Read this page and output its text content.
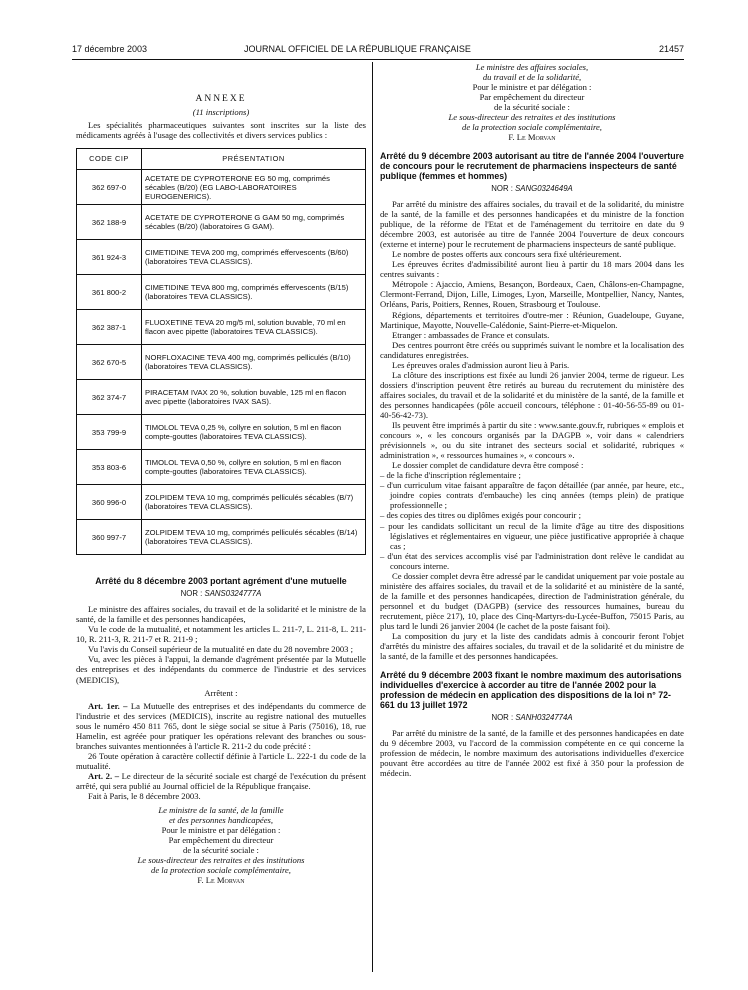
17 décembre 2003	JOURNAL OFFICIEL DE LA RÉPUBLIQUE FRANÇAISE	21457
ANNEXE
(11 inscriptions)

Les spécialités pharmaceutiques suivantes sont inscrites sur la liste des médicaments agréés à l'usage des collectivités et divers services publics :

CODE CIP	PRÉSENTATION
362 697-0	ACETATE DE CYPROTERONE EG 50 mg, comprimés sécables (B/20) (EG LABO-LABORATOIRES EUROGENERICS).
362 188-9	ACETATE DE CYPROTERONE G GAM 50 mg, comprimés sécables (B/20) (laboratoires G GAM).
361 924-3	CIMETIDINE TEVA 200 mg, comprimés effervescents (B/60) (laboratoires TEVA CLASSICS).
361 800-2	CIMETIDINE TEVA 800 mg, comprimés effervescents (B/15) (laboratoires TEVA CLASSICS).
362 387-1	FLUOXETINE TEVA 20 mg/5 ml, solution buvable, 70 ml en flacon avec pipette (laboratoires TEVA CLASSICS).
362 670-5	NORFLOXACINE TEVA 400 mg, comprimés pelliculés (B/10) (laboratoires TEVA CLASSICS).
362 374-7	PIRACETAM IVAX 20 %, solution buvable, 125 ml en flacon avec pipette (laboratoires IVAX SAS).
353 799-9	TIMOLOL TEVA 0,25 %, collyre en solution, 5 ml en flacon compte-gouttes (laboratoires TEVA CLASSICS).
353 803-6	TIMOLOL TEVA 0,50 %, collyre en solution, 5 ml en flacon compte-gouttes (laboratoires TEVA CLASSICS).
360 996-0	ZOLPIDEM TEVA 10 mg, comprimés pelliculés sécables (B/7) (laboratoires TEVA CLASSICS).
360 997-7	ZOLPIDEM TEVA 10 mg, comprimés pelliculés sécables (B/14) (laboratoires TEVA CLASSICS).
Arrêté du 8 décembre 2003 portant agrément d'une mutuelle
NOR : SANS0324777A

Le ministre des affaires sociales, du travail et de la solidarité et le ministre de la santé, de la famille et des personnes handicapées,

Vu le code de la mutualité, et notamment les articles L. 211-7, L. 211-8, L. 211-10, R. 211-3, R. 211-7 et R. 211-9 ;

Vu l'avis du Conseil supérieur de la mutualité en date du 28 novembre 2003 ;

Vu, avec les pièces à l'appui, la demande d'agrément présentée par la Mutuelle des entreprises et des indépendants du commerce de l'industrie et des services (MEDICIS),

Arrêtent :

Art. 1er. – La Mutuelle des entreprises et des indépendants du commerce de l'industrie et des services (MEDICIS), inscrite au registre national des mutuelles sous le numéro 450 811 765, dont le siège social se situe à Paris (75016), 18, rue Hamelin, est agréée pour pratiquer les opérations relevant des branches ou sous-branches suivantes mentionnées à l'article R. 211-2 du code précité :

26 Toute opération à caractère collectif définie à l'article L. 222-1 du code de la mutualité.

Art. 2. – Le directeur de la sécurité sociale est chargé de l'exécution du présent arrêté, qui sera publié au Journal officiel de la République française.

Fait à Paris, le 8 décembre 2003.

Le ministre de la santé, de la famille
et des personnes handicapées,
Pour le ministre et par délégation :
Par empêchement du directeur
de la sécurité sociale :
Le sous-directeur des retraites et des institutions
de la protection sociale complémentaire,
F. Le Morvan
Le ministre des affaires sociales,
du travail et de la solidarité,
Pour le ministre et par délégation :
Par empêchement du directeur
de la sécurité sociale :
Le sous-directeur des retraites et des institutions
de la protection sociale complémentaire,
F. Le Morvan
Arrêté du 9 décembre 2003 autorisant au titre de l'année 2004 l'ouverture de concours pour le recrutement de pharmaciens inspecteurs de santé publique (femmes et hommes)
NOR : SANG0324649A

Par arrêté du ministre des affaires sociales, du travail et de la solidarité, du ministre de la santé, de la famille et des personnes handicapées et du ministre de la fonction publique, de la réforme de l'Etat et de l'aménagement du territoire en date du 9 décembre 2003, est autorisée au titre de l'année 2004 l'ouverture de deux concours (externe et interne) pour le recrutement de pharmaciens inspecteurs de santé publique.

Le nombre de postes offerts aux concours sera fixé ultérieurement.

Les épreuves écrites d'admissibilité auront lieu à partir du 18 mars 2004 dans les centres suivants :

Métropole : Ajaccio, Amiens, Besançon, Bordeaux, Caen, Châlons-en-Champagne, Clermont-Ferrand, Dijon, Lille, Limoges, Lyon, Marseille, Montpellier, Nancy, Nantes, Orléans, Paris, Poitiers, Rennes, Rouen, Strasbourg et Toulouse.

Régions, départements et territoires d'outre-mer : Réunion, Guadeloupe, Guyane, Martinique, Mayotte, Nouvelle-Calédonie, Saint-Pierre-et-Miquelon.

Etranger : ambassades de France et consulats.

Des centres pourront être créés ou supprimés suivant le nombre et la localisation des candidatures enregistrées.

Les épreuves orales d'admission auront lieu à Paris.

La clôture des inscriptions est fixée au lundi 26 janvier 2004, terme de rigueur. Les dossiers d'inscription peuvent être retirés au bureau du recrutement du ministère des affaires sociales, du travail et de la solidarité et du ministère de la santé, de la famille et des personnes handicapées (pôle accueil concours, téléphone : 01-40-56-55-89 ou 01-40-56-42-73).

Ils peuvent être imprimés à partir du site : www.sante.gouv.fr, rubriques « emplois et concours », « les concours organisés par la DAGPB », voir dans « calendriers prévisionnels », ou du site intranet des secteurs social et solidarité, rubriques « administration », « ressources humaines », « concours ».

Le dossier complet de candidature devra être composé :

– de la fiche d'inscription réglementaire ;

– d'un curriculum vitae faisant apparaître de façon détaillée (par année, par heure, etc., joindre copies contrats d'embauche) les cinq années (temps plein) de pratique professionnelle ;

– des copies des titres ou diplômes exigés pour concourir ;

– pour les candidats sollicitant un recul de la limite d'âge au titre des dispositions législatives et réglementaires en vigueur, une pièce justificative appropriée à chaque cas ;

– d'un état des services accomplis visé par l'administration dont relève le candidat au concours interne.

Ce dossier complet devra être adressé par le candidat uniquement par voie postale au ministère des affaires sociales, du travail et de la solidarité et au ministère de la santé, de la famille et des personnes handicapées, direction de l'administration générale, du personnel et du budget (DAGPB) (service des ressources humaines, bureau du recrutement, pièce 217), 10, place des Cinq-Martyrs-du-Lycée-Buffon, 75015 Paris, au plus tard le lundi 26 janvier 2004 (le cachet de la poste faisant foi).

La composition du jury et la liste des candidats admis à concourir feront l'objet d'arrêtés du ministre des affaires sociales, du travail et de la solidarité et du ministre de la santé, de la famille et des personnes handicapées.

Arrêté du 9 décembre 2003 fixant le nombre maximum des autorisations individuelles d'exercice à accorder au titre de l'année 2002 pour la profession de médecin en application des dispositions de la loi n° 72-661 du 13 juillet 1972
NOR : SANH0324774A

Par arrêté du ministre de la santé, de la famille et des personnes handicapées en date du 9 décembre 2003, vu l'accord de la commission compétente en ce qui concerne la profession de médecin, le nombre maximum des autorisations individuelles d'exercice pouvant être accordées au titre de l'année 2002 est fixé à 350 pour la profession de médecin.
